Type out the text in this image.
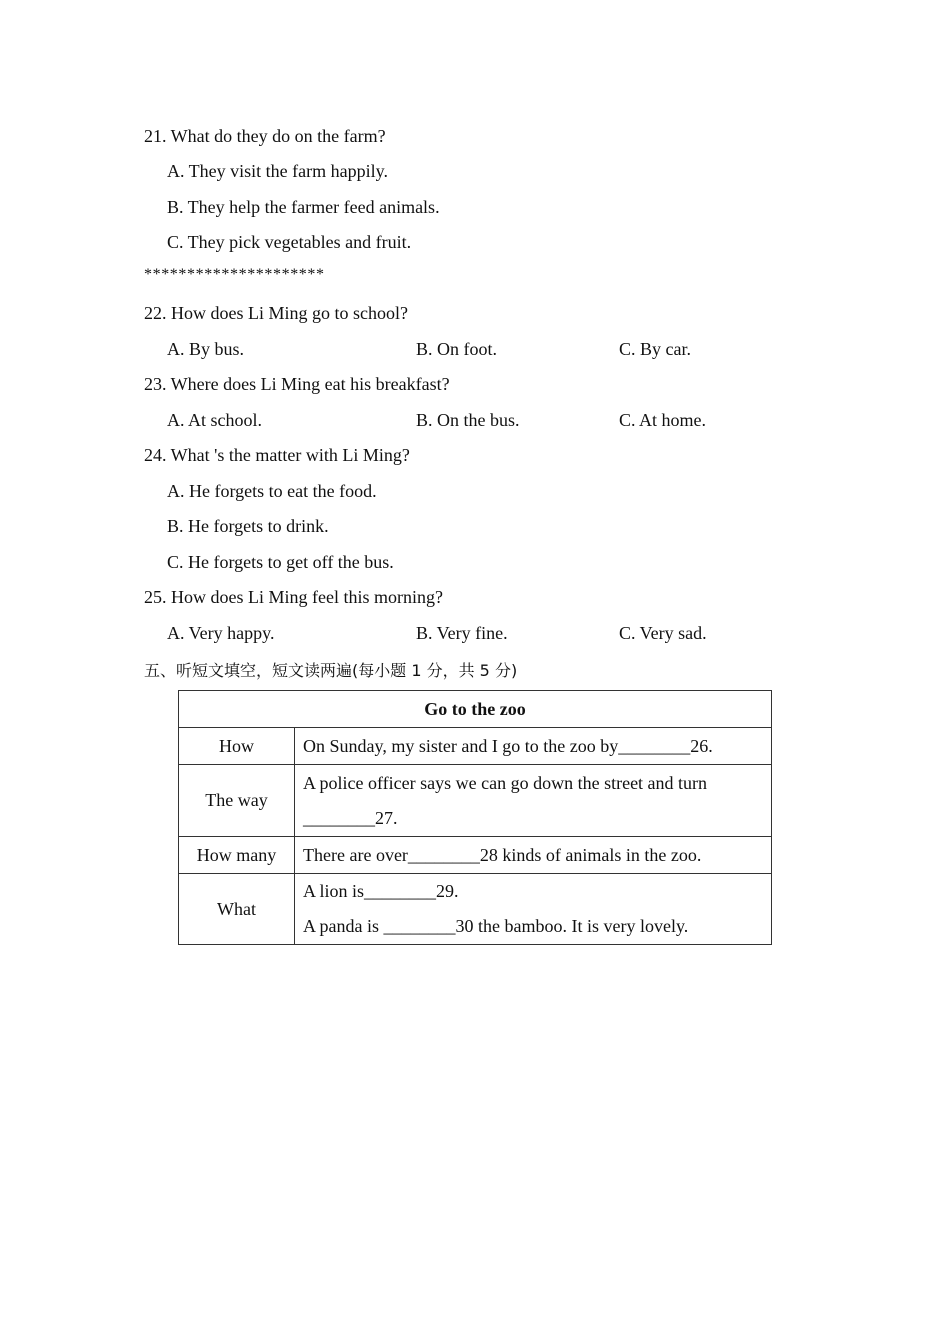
21. What do they do on the farm?
A. They visit the farm happily.
B. They help the farmer feed animals.
C. They pick vegetables and fruit.
*********************
22. How does Li Ming go to school?
A. By bus.	B. On foot.	C. By car.
23. Where does Li Ming eat his breakfast?
A. At school.	B. On the bus.	C. At home.
24. What 's the matter with Li Ming?
A. He forgets to eat the food.
B. He forgets to drink.
C. He forgets to get off the bus.
25. How does Li Ming feel this morning?
A. Very happy.	B. Very fine.	C. Very sad.
五、听短文填空，短文读两遍(每小题 1 分，共 5 分)
Go to the zoo	
How	On Sunday, my sister and I go to the zoo by________26.

The way	A police officer says we can go down the street and turn
________27.

How many	There are over________28 kinds of animals in the zoo.

What	A lion is________29.
A panda is ________30 the bamboo. It is very lovely.
